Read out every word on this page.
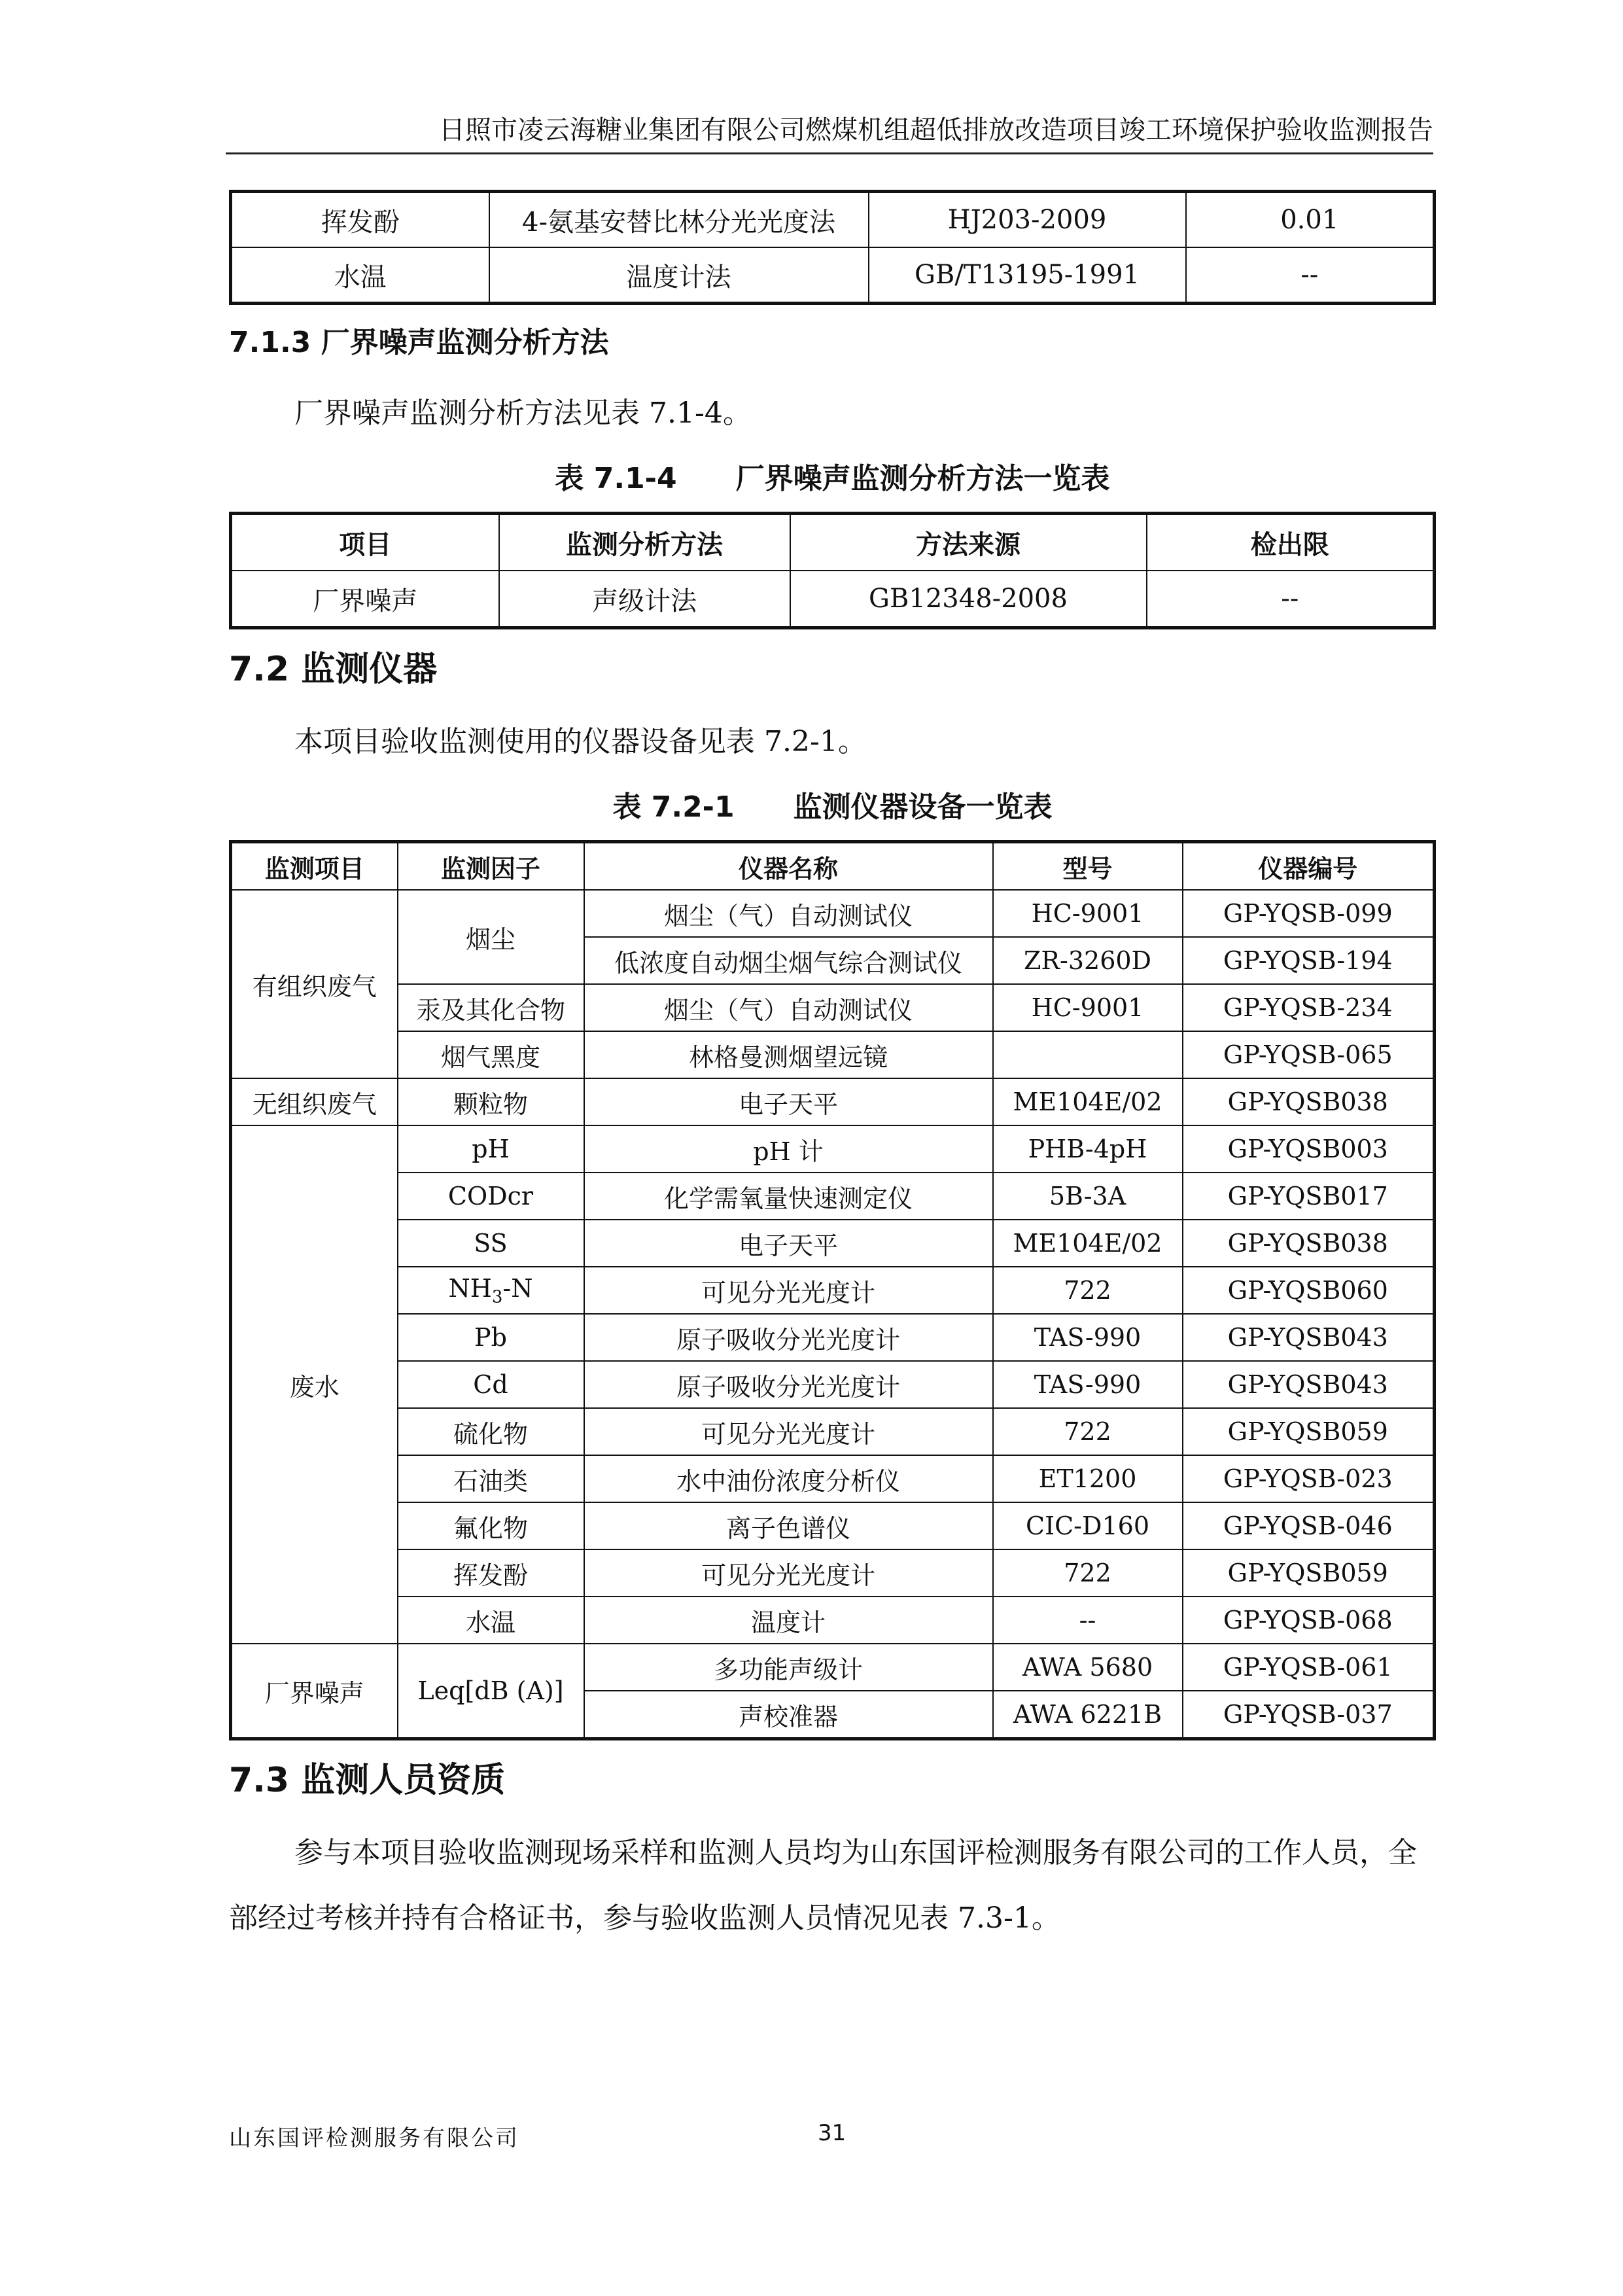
日照市凌云海糖业集团有限公司燃煤机组超低排放改造项目竣工环境保护验收监测报告
挥发酚	4-氨基安替比林分光光度法	HJ203-2009	0.01
水温	温度计法	GB/T13195-1991	--
7.1.3 厂界噪声监测分析方法

厂界噪声监测分析方法见表 7.1-4。

表 7.1-4 厂界噪声监测分析方法一览表
项目	监测分析方法	方法来源	检出限
厂界噪声	声级计法	GB12348-2008	--
7.2 监测仪器

本项目验收监测使用的仪器设备见表 7.2-1。

表 7.2-1 监测仪器设备一览表
监测项目	监测因子	仪器名称	型号	仪器编号
有组织废气	烟尘	烟尘（气）自动测试仪	HC-9001	GP-YQSB-099
		低浓度自动烟尘烟气综合测试仪	ZR-3260D	GP-YQSB-194
	汞及其化合物	烟尘（气）自动测试仪	HC-9001	GP-YQSB-234
	烟气黑度	林格曼测烟望远镜		GP-YQSB-065
无组织废气	颗粒物	电子天平	ME104E/02	GP-YQSB038
废水	pH	pH 计	PHB-4pH	GP-YQSB003
	CODcr	化学需氧量快速测定仪	5B-3A	GP-YQSB017
	SS	电子天平	ME104E/02	GP-YQSB038
	$NH_3-N$	可见分光光度计	722	GP-YQSB060
	Pb	原子吸收分光光度计	TAS-990	GP-YQSB043
	Cd	原子吸收分光光度计	TAS-990	GP-YQSB043
	硫化物	可见分光光度计	722	GP-YQSB059
	石油类	水中油份浓度分析仪	ET1200	GP-YQSB-023
	氟化物	离子色谱仪	CIC-D160	GP-YQSB-046
	挥发酚	可见分光光度计	722	GP-YQSB059
	水温	温度计	--	GP-YQSB-068
厂界噪声	Leq[dB (A)]	多功能声级计	AWA 5680	GP-YQSB-061
		声校准器	AWA 6221B	GP-YQSB-037
7.3 监测人员资质

参与本项目验收监测现场采样和监测人员均为山东国评检测服务有限公司的工作人员，全部经过考核并持有合格证书，参与验收监测人员情况见表 7.3-1。

山东国评检测服务有限公司	31
